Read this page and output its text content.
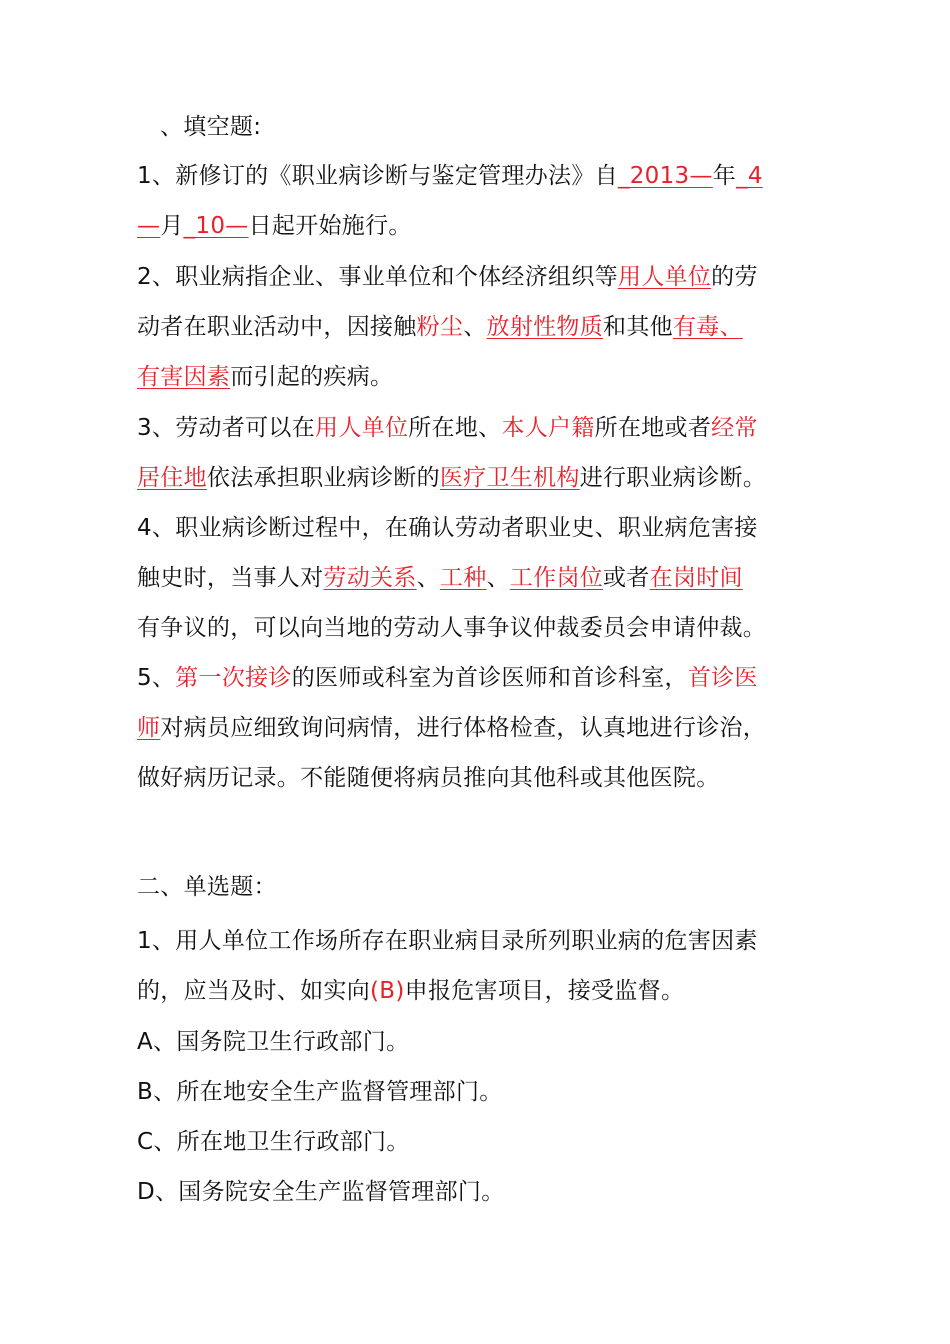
、填空题:
1、新修订的《职业病诊断与鉴定管理办法》自_2013—年_4
—月_10—日起开始施行。
2、职业病指企业、事业单位和个体经济组织等用人单位的劳
动者在职业活动中，因接触粉尘、放射性物质和其他有毒、
有害因素而引起的疾病。
3、劳动者可以在用人单位所在地、本人户籍所在地或者经常
居住地依法承担职业病诊断的医疗卫生机构进行职业病诊断。
4、职业病诊断过程中，在确认劳动者职业史、职业病危害接
触史时，当事人对劳动关系、工种、工作岗位或者在岗时间
有争议的，可以向当地的劳动人事争议仲裁委员会申请仲裁。
5、第一次接诊的医师或科室为首诊医师和首诊科室，首诊医
师对病员应细致询问病情，进行体格检查，认真地进行诊治，
做好病历记录。不能随便将病员推向其他科或其他医院。
二、单选题：
1、用人单位工作场所存在职业病目录所列职业病的危害因素
的，应当及时、如实向(B)申报危害项目，接受监督。
A、国务院卫生行政部门。
B、所在地安全生产监督管理部门。
C、所在地卫生行政部门。
D、国务院安全生产监督管理部门。
